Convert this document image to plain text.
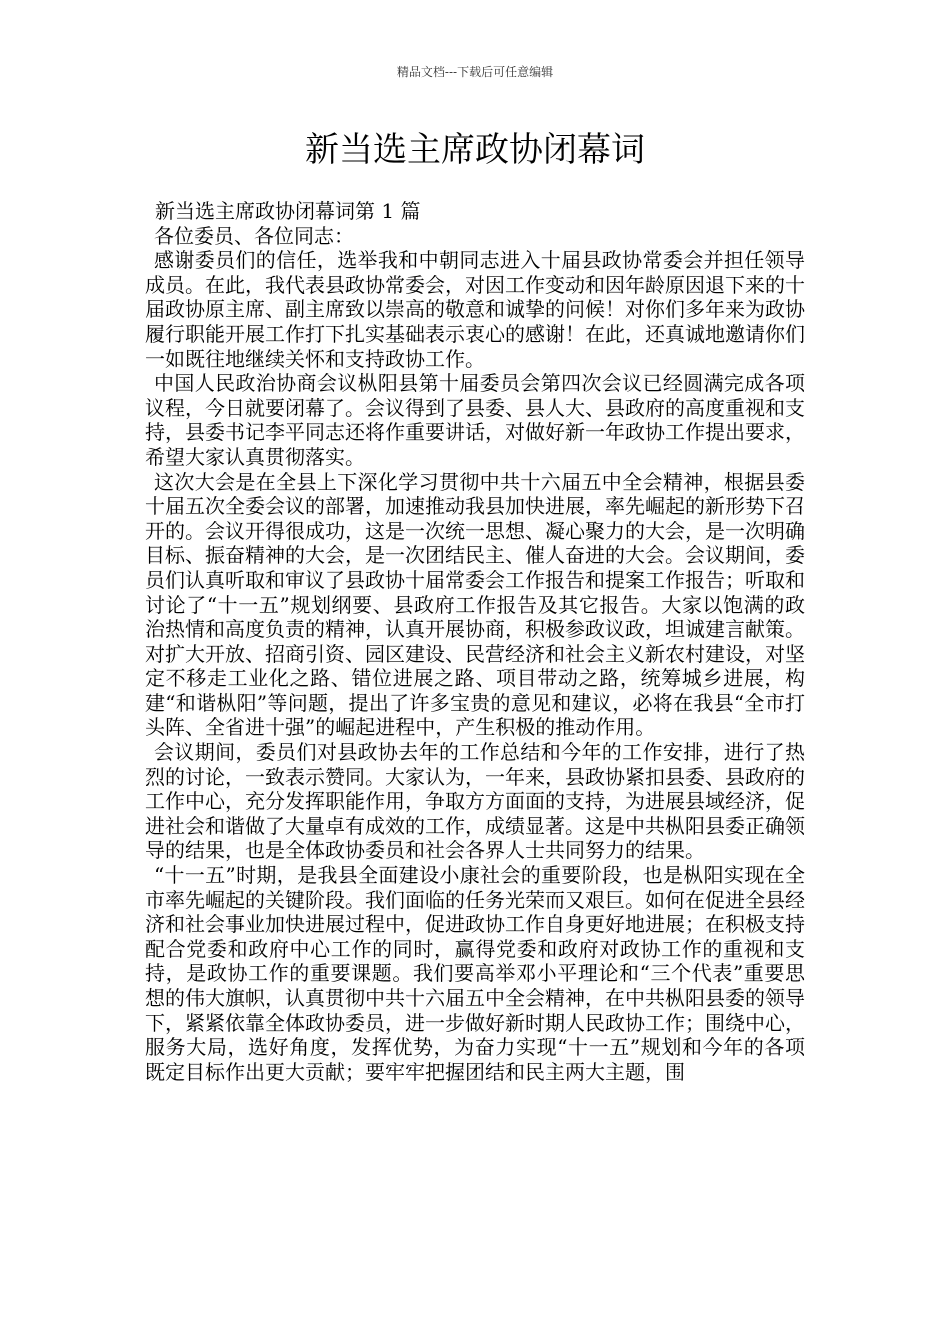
精品文档---下载后可任意编辑
新当选主席政协闭幕词

新当选主席政协闭幕词第 1 篇

各位委员、各位同志：

感谢委员们的信任，选举我和中朝同志进入十届县政协常委会并担任领导成员。在此，我代表县政协常委会，对因工作变动和因年龄原因退下来的十届政协原主席、副主席致以崇高的敬意和诚挚的问候！对你们多年来为政协履行职能开展工作打下扎实基础表示衷心的感谢！在此，还真诚地邀请你们一如既往地继续关怀和支持政协工作。

中国人民政治协商会议枞阳县第十届委员会第四次会议已经圆满完成各项议程，今日就要闭幕了。会议得到了县委、县人大、县政府的高度重视和支持，县委书记李平同志还将作重要讲话，对做好新一年政协工作提出要求，希望大家认真贯彻落实。

这次大会是在全县上下深化学习贯彻中共十六届五中全会精神，根据县委十届五次全委会议的部署，加速推动我县加快进展，率先崛起的新形势下召开的。会议开得很成功，这是一次统一思想、凝心聚力的大会，是一次明确目标、振奋精神的大会，是一次团结民主、催人奋进的大会。会议期间，委员们认真听取和审议了县政协十届常委会工作报告和提案工作报告；听取和讨论了“十一五”规划纲要、县政府工作报告及其它报告。大家以饱满的政治热情和高度负责的精神，认真开展协商，积极参政议政，坦诚建言献策。对扩大开放、招商引资、园区建设、民营经济和社会主义新农村建设，对坚定不移走工业化之路、错位进展之路、项目带动之路，统筹城乡进展，构建“和谐枞阳”等问题，提出了许多宝贵的意见和建议，必将在我县“全市打头阵、全省进十强”的崛起进程中，产生积极的推动作用。

会议期间，委员们对县政协去年的工作总结和今年的工作安排，进行了热烈的讨论，一致表示赞同。大家认为，一年来，县政协紧扣县委、县政府的工作中心，充分发挥职能作用，争取方方面面的支持，为进展县域经济，促进社会和谐做了大量卓有成效的工作，成绩显著。这是中共枞阳县委正确领导的结果，也是全体政协委员和社会各界人士共同努力的结果。

“十一五”时期，是我县全面建设小康社会的重要阶段，也是枞阳实现在全市率先崛起的关键阶段。我们面临的任务光荣而又艰巨。如何在促进全县经济和社会事业加快进展过程中，促进政协工作自身更好地进展；在积极支持配合党委和政府中心工作的同时，赢得党委和政府对政协工作的重视和支持，是政协工作的重要课题。我们要高举邓小平理论和“三个代表”重要思想的伟大旗帜，认真贯彻中共十六届五中全会精神，在中共枞阳县委的领导下，紧紧依靠全体政协委员，进一步做好新时期人民政协工作；围绕中心，服务大局，选好角度，发挥优势，为奋力实现“十一五”规划和今年的各项既定目标作出更大贡献；要牢牢把握团结和民主两大主题，围
